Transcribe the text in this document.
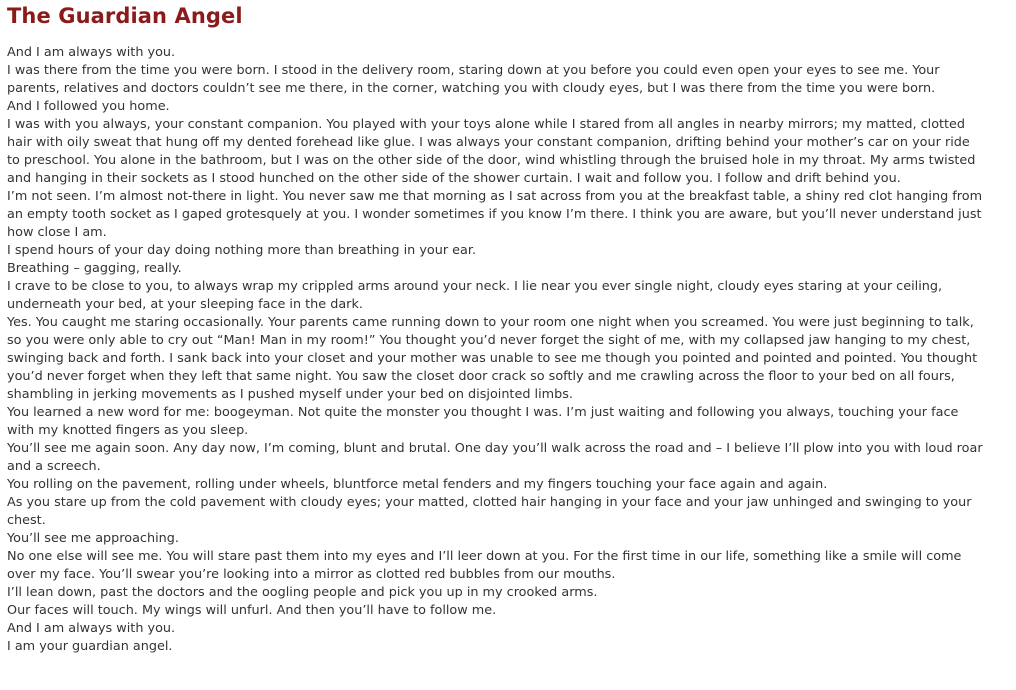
The Guardian Angel

And I am always with you.

I was there from the time you were born. I stood in the delivery room, staring down at you before you could even open your eyes to see me. Your parents, relatives and doctors couldn’t see me there, in the corner, watching you with cloudy eyes, but I was there from the time you were born.

And I followed you home.

I was with you always, your constant companion. You played with your toys alone while I stared from all angles in nearby mirrors; my matted, clotted hair with oily sweat that hung off my dented forehead like glue. I was always your constant companion, drifting behind your mother’s car on your ride to preschool. You alone in the bathroom, but I was on the other side of the door, wind whistling through the bruised hole in my throat. My arms twisted and hanging in their sockets as I stood hunched on the other side of the shower curtain. I wait and follow you. I follow and drift behind you.

I’m not seen. I’m almost not-there in light. You never saw me that morning as I sat across from you at the breakfast table, a shiny red clot hanging from an empty tooth socket as I gaped grotesquely at you. I wonder sometimes if you know I’m there. I think you are aware, but you’ll never understand just how close I am.

I spend hours of your day doing nothing more than breathing in your ear.

Breathing – gagging, really.

I crave to be close to you, to always wrap my crippled arms around your neck. I lie near you ever single night, cloudy eyes staring at your ceiling, underneath your bed, at your sleeping face in the dark.

Yes. You caught me staring occasionally. Your parents came running down to your room one night when you screamed. You were just beginning to talk, so you were only able to cry out “Man! Man in my room!” You thought you’d never forget the sight of me, with my collapsed jaw hanging to my chest, swinging back and forth. I sank back into your closet and your mother was unable to see me though you pointed and pointed and pointed. You thought you’d never forget when they left that same night. You saw the closet door crack so softly and me crawling across the floor to your bed on all fours, shambling in jerking movements as I pushed myself under your bed on disjointed limbs.

You learned a new word for me: boogeyman. Not quite the monster you thought I was. I’m just waiting and following you always, touching your face with my knotted fingers as you sleep.

You’ll see me again soon. Any day now, I’m coming, blunt and brutal. One day you’ll walk across the road and – I believe I’ll plow into you with loud roar and a screech.

You rolling on the pavement, rolling under wheels, bluntforce metal fenders and my fingers touching your face again and again.

As you stare up from the cold pavement with cloudy eyes; your matted, clotted hair hanging in your face and your jaw unhinged and swinging to your chest.

You’ll see me approaching.

No one else will see me. You will stare past them into my eyes and I’ll leer down at you. For the first time in our life, something like a smile will come over my face. You’ll swear you’re looking into a mirror as clotted red bubbles from our mouths.

I’ll lean down, past the doctors and the oogling people and pick you up in my crooked arms.

Our faces will touch. My wings will unfurl. And then you’ll have to follow me.

And I am always with you.

I am your guardian angel.
